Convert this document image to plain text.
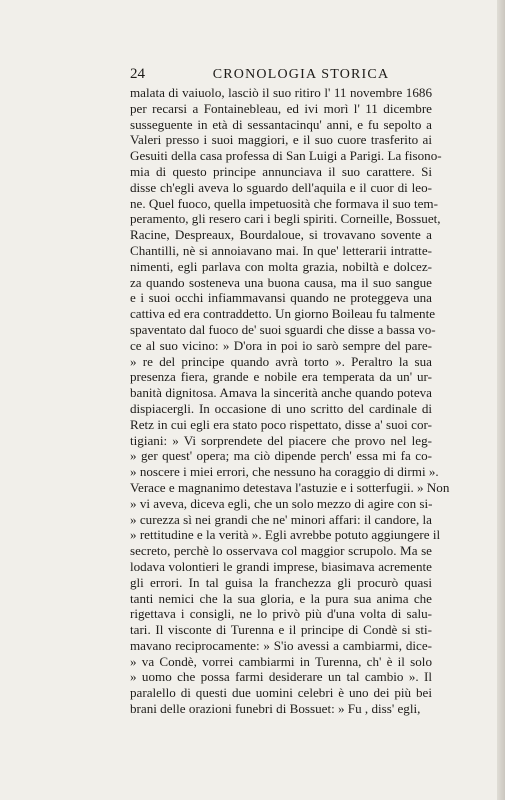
24	CRONOLOGIA STORICA
malata di vaiuolo, lasciò il suo ritiro l' 11 novembre 1686
per recarsi a Fontainebleau, ed ivi morì l' 11 dicembre
susseguente in età di sessantacinqu' anni, e fu sepolto a
Valeri presso i suoi maggiori, e il suo cuore trasferito ai
Gesuiti della casa professa di San Luigi a Parigi. La fisono-
mia di questo principe annunciava il suo carattere. Si
disse ch'egli aveva lo sguardo dell'aquila e il cuor di leo-
ne. Quel fuoco, quella impetuosità che formava il suo tem-
peramento, gli resero cari i begli spiriti. Corneille, Bossuet,
Racine, Despreaux, Bourdaloue, si trovavano sovente a
Chantilli, nè si annoiavano mai. In que' letterarii intratte-
nimenti, egli parlava con molta grazia, nobiltà e dolcez-
za quando sosteneva una buona causa, ma il suo sangue
e i suoi occhi infiammavansi quando ne proteggeva una
cattiva ed era contraddetto. Un giorno Boileau fu talmente
spaventato dal fuoco de' suoi sguardi che disse a bassa vo-
ce al suo vicino: » D'ora in poi io sarò sempre del pare-
» re del principe quando avrà torto ». Peraltro la sua
presenza fiera, grande e nobile era temperata da un' ur-
banità dignitosa. Amava la sincerità anche quando poteva
dispiacergli. In occasione di uno scritto del cardinale di
Retz in cui egli era stato poco rispettato, disse a' suoi cor-
tigiani: » Vi sorprendete del piacere che provo nel leg-
» ger quest' opera; ma ciò dipende perch' essa mi fa co-
» noscere i miei errori, che nessuno ha coraggio di dirmi ».
Verace e magnanimo detestava l'astuzie e i sotterfugii. » Non
» vi aveva, diceva egli, che un solo mezzo di agire con si-
» curezza sì nei grandi che ne' minori affari: il candore, la
» rettitudine e la verità ». Egli avrebbe potuto aggiungere il
secreto, perchè lo osservava col maggior scrupolo. Ma se
lodava volontieri le grandi imprese, biasimava acremente
gli errori. In tal guisa la franchezza gli procurò quasi
tanti nemici che la sua gloria, e la pura sua anima che
rigettava i consigli, ne lo privò più d'una volta di salu-
tari. Il visconte di Turenna e il principe di Condè si sti-
mavano reciprocamente: » S'io avessi a cambiarmi, dice-
» va Condè, vorrei cambiarmi in Turenna, ch' è il solo
» uomo che possa farmi desiderare un tal cambio ». Il
paralello di questi due uomini celebri è uno dei più bei
brani delle orazioni funebri di Bossuet: » Fu , diss' egli,
